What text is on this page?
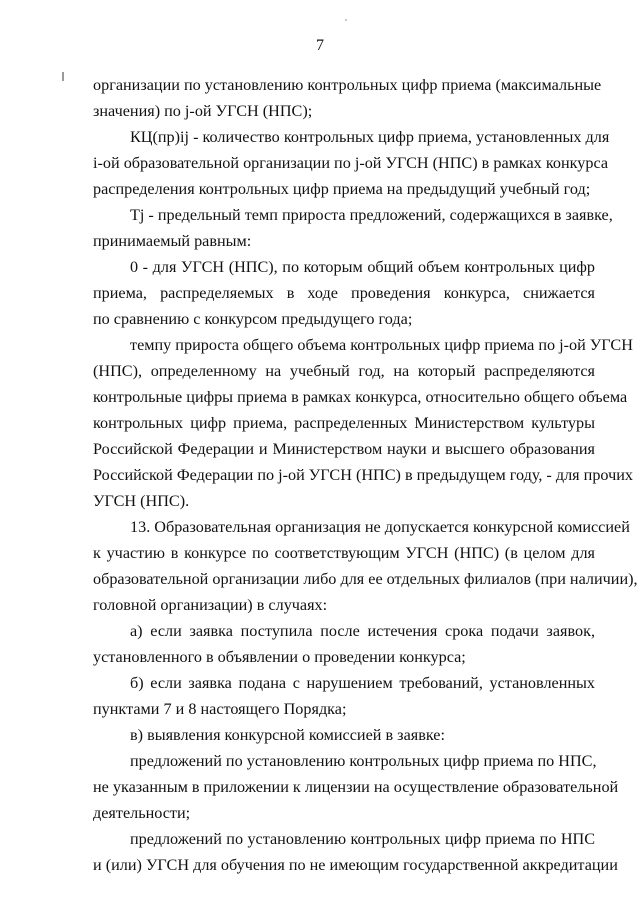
7
организации по установлению контрольных цифр приема (максимальные
значения) по j-ой УГСН (НПС);
КЦ(пр)ij - количество контрольных цифр приема, установленных для
i-ой образовательной организации по j-ой УГСН (НПС) в рамках конкурса
распределения контрольных цифр приема на предыдущий учебный год;
Tj - предельный темп прироста предложений, содержащихся в заявке,
принимаемый равным:
0 - для УГСН (НПС), по которым общий объем контрольных цифр
приема, распределяемых в ходе проведения конкурса, снижается
по сравнению с конкурсом предыдущего года;
темпу прироста общего объема контрольных цифр приема по j-ой УГСН
(НПС), определенному на учебный год, на который распределяются
контрольные цифры приема в рамках конкурса, относительно общего объема
контрольных цифр приема, распределенных Министерством культуры
Российской Федерации и Министерством науки и высшего образования
Российской Федерации по j-ой УГСН (НПС) в предыдущем году, - для прочих
УГСН (НПС).
13. Образовательная организация не допускается конкурсной комиссией
к участию в конкурсе по соответствующим УГСН (НПС) (в целом для
образовательной организации либо для ее отдельных филиалов (при наличии),
головной организации) в случаях:
а) если заявка поступила после истечения срока подачи заявок,
установленного в объявлении о проведении конкурса;
б) если заявка подана с нарушением требований, установленных
пунктами 7 и 8 настоящего Порядка;
в) выявления конкурсной комиссией в заявке:
предложений по установлению контрольных цифр приема по НПС,
не указанным в приложении к лицензии на осуществление образовательной
деятельности;
предложений по установлению контрольных цифр приема по НПС
и (или) УГСН для обучения по не имеющим государственной аккредитации
